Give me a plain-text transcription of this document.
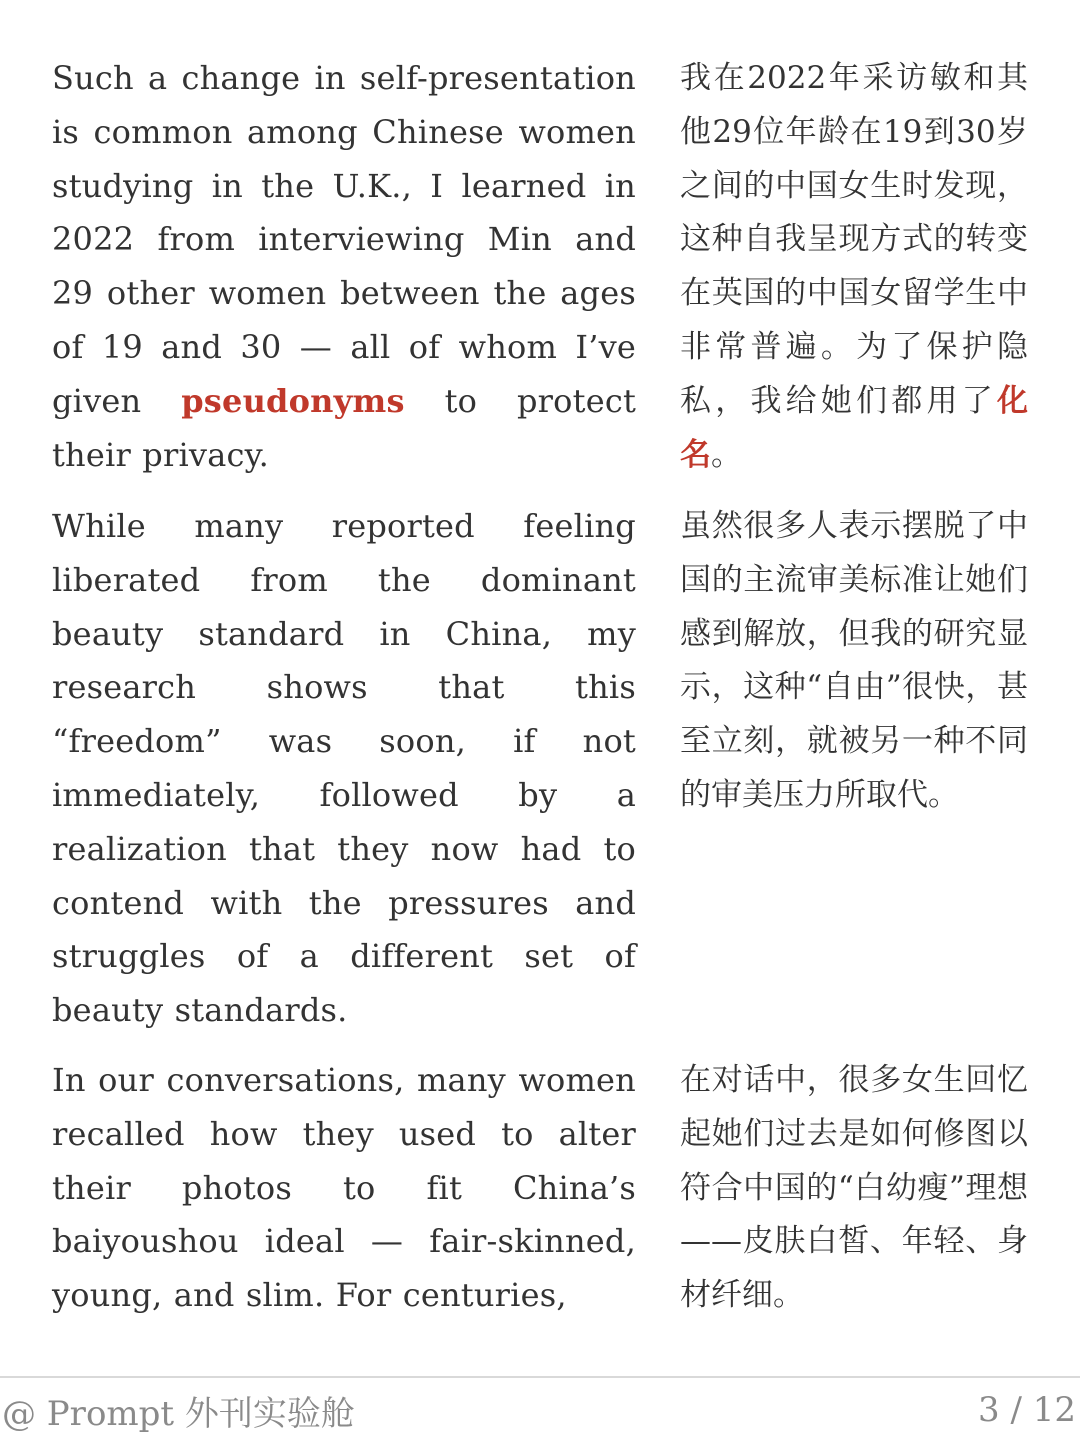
Such a change in self-presentation is common among Chinese women studying in the U.K., I learned in 2022 from interviewing Min and 29 other women between the ages of 19 and 30 — all of whom I’ve given pseudonyms to protect their privacy.

我在2022年采访敏和其他29位年龄在19到30岁之间的中国女生时发现，这种自我呈现方式的转变在英国的中国女留学生中非常普遍。为了保护隐私，我给她们都用了化名。

While many reported feeling liberated from the dominant beauty standard in China, my research shows that this “freedom” was soon, if not immediately, followed by a realization that they now had to contend with the pressures and struggles of a different set of beauty standards.

虽然很多人表示摆脱了中国的主流审美标准让她们感到解放，但我的研究显示，这种“自由”很快，甚至立刻，就被另一种不同的审美压力所取代。

In our conversations, many women recalled how they used to alter their photos to fit China’s baiyoushou ideal — fair-skinned, young, and slim. For centuries,

在对话中，很多女生回忆起她们过去是如何修图以符合中国的“白幼瘦”理想——皮肤白皙、年轻、身材纤细。

@ Prompt 外刊实验舱	3 / 12
